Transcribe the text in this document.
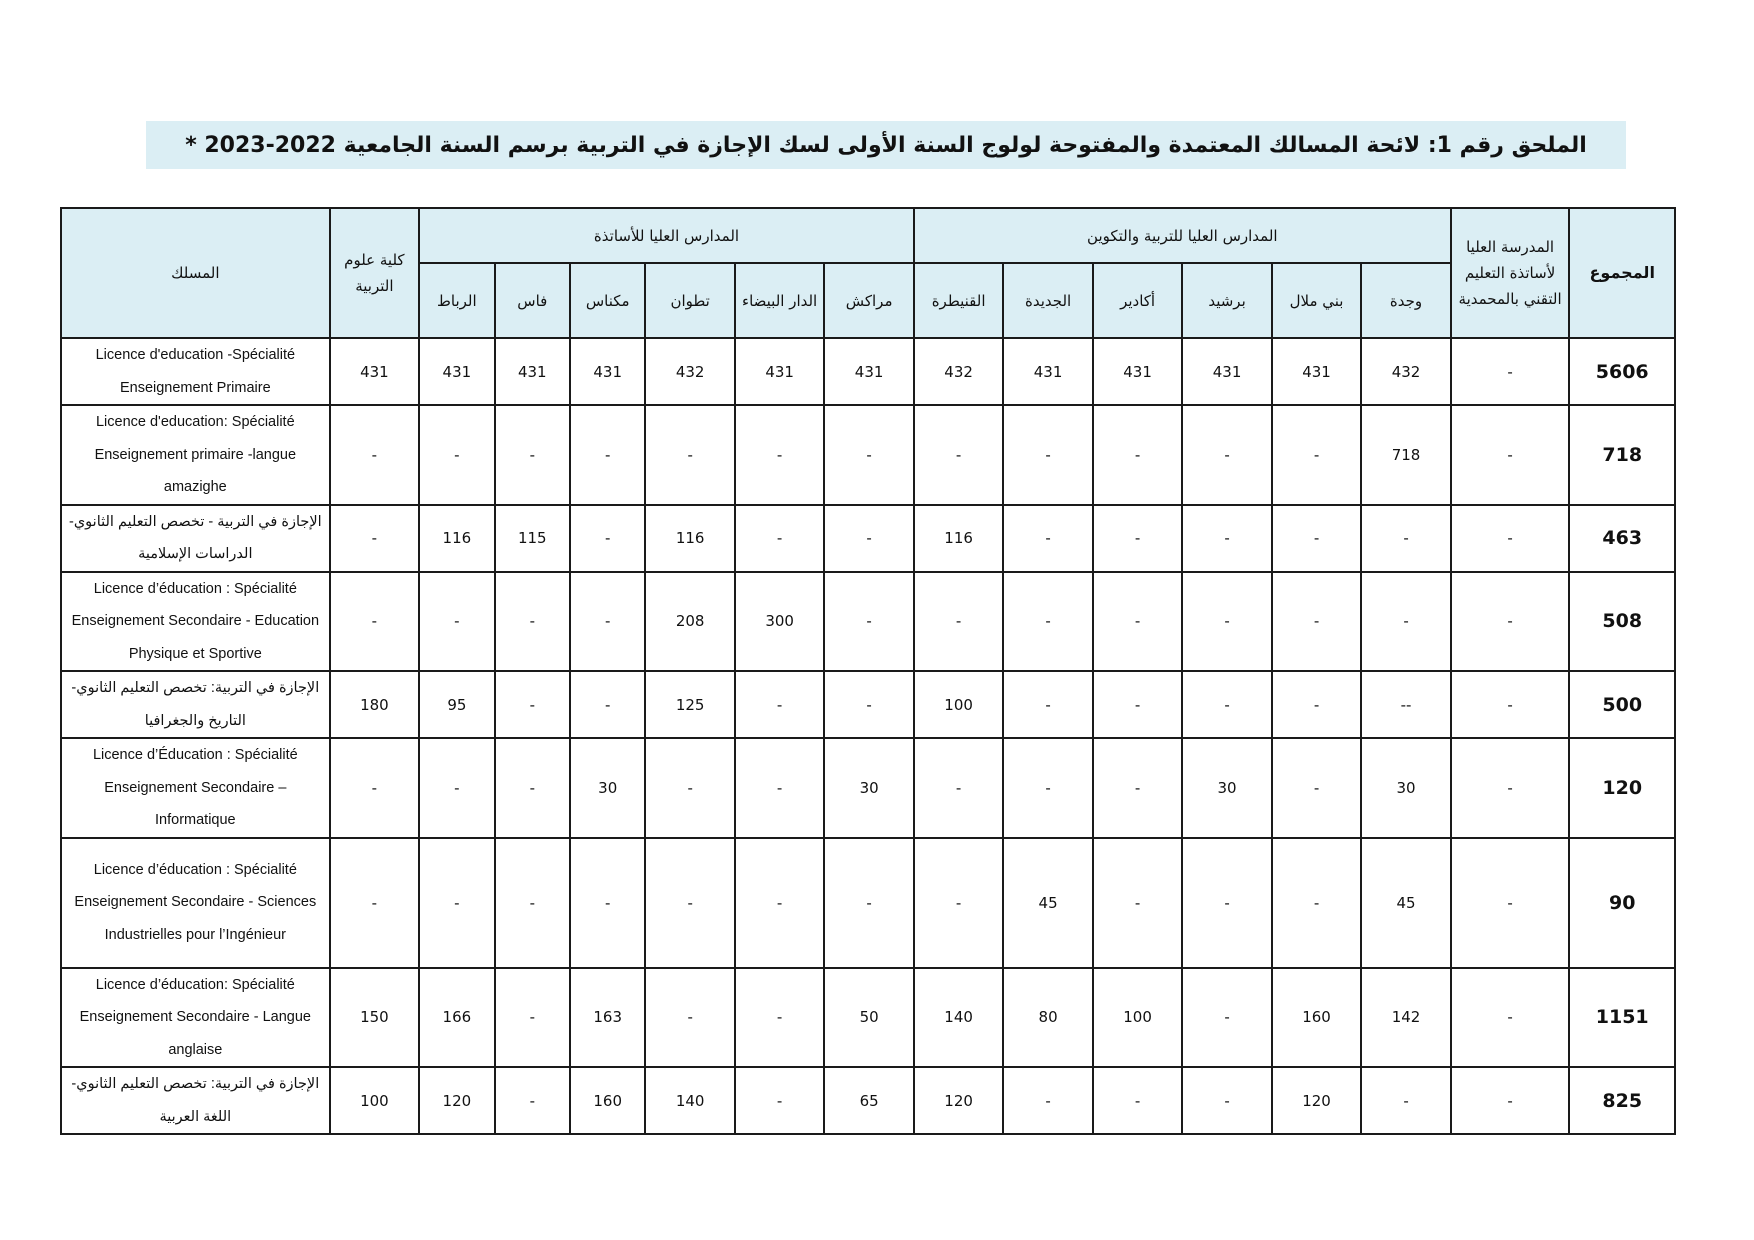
الملحق رقم 1: لائحة المسالك المعتمدة والمفتوحة لولوج السنة الأولى لسك الإجازة في التربية برسم السنة الجامعية 2022-2023 *
المجموع	المدرسة العليا لأساتذة التعليم التقني بالمحمدية	المدارس العليا للتربية والتكوين						المدارس العليا للأساتذة						كلية علوم التربية	المسلك
		وجدة	بني ملال	برشيد	أكادير	الجديدة	القنيطرة	مراكش	الدار البيضاء	تطوان	مكناس	فاس	الرباط		
5606	-	432	431	431	431	431	432	431	431	432	431	431	431	431	Licence d'education -Spécialité Enseignement Primaire
718	-	718	-	-	-	-	-	-	-	-	-	-	-	-	Licence d'education: Spécialité Enseignement primaire -langue amazighe
463	-	-	-	-	-	-	116	-	-	116	-	115	116	-	الإجازة في التربية - تخصص التعليم الثانوي- الدراسات الإسلامية
508	-	-	-	-	-	-	-	-	300	208	-	-	-	-	Licence d’éducation : Spécialité Enseignement Secondaire - Education Physique et Sportive
500	-	--	-	-	-	-	100	-	-	125	-	-	95	180	الإجازة في التربية: تخصص التعليم الثانوي-التاريخ والجغرافيا
120	-	30	-	30	-	-	-	30	-	-	30	-	-	-	Licence d’Éducation : Spécialité Enseignement Secondaire – Informatique
90	-	45	-	-	-	45	-	-	-	-	-	-	-	-	Licence d’éducation : Spécialité Enseignement Secondaire - Sciences Industrielles pour l’Ingénieur
1151	-	142	160	-	100	80	140	50	-	-	163	-	166	150	Licence d’éducation: Spécialité Enseignement Secondaire - Langue anglaise
825	-	-	120	-	-	-	120	65	-	140	160	-	120	100	الإجازة في التربية: تخصص التعليم الثانوي- اللغة العربية
